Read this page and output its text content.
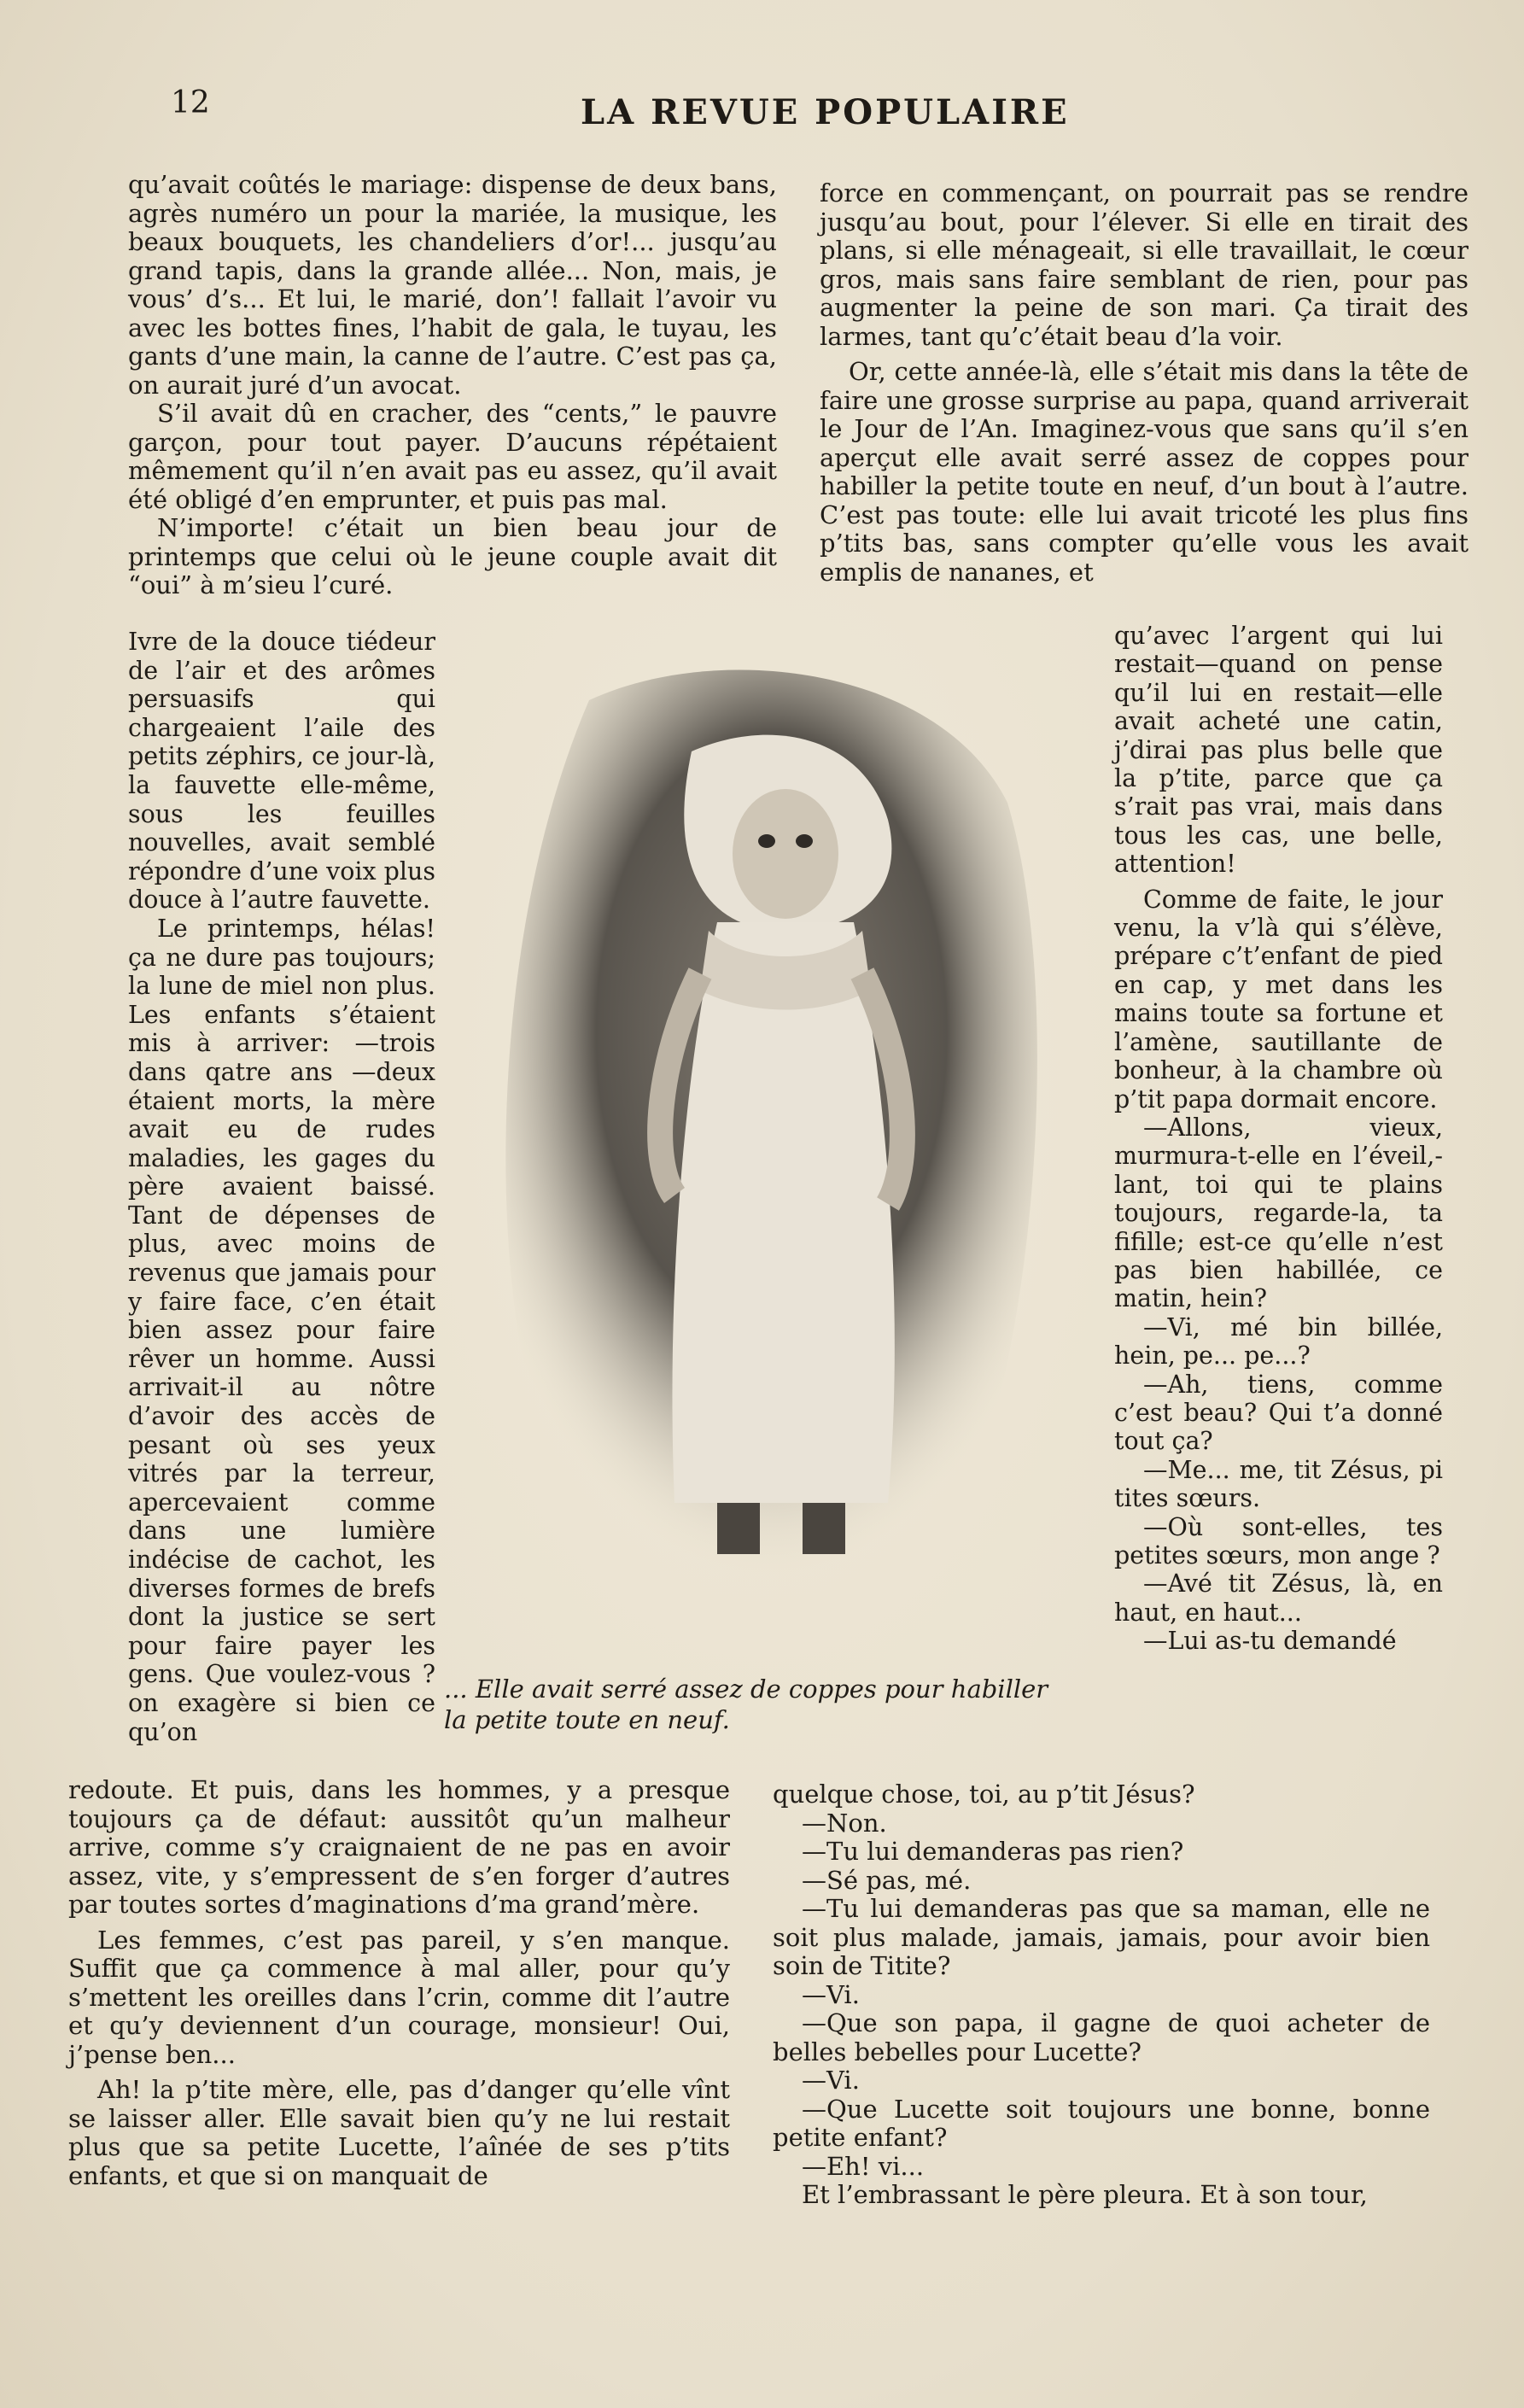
12	LA REVUE POPULAIRE

qu’avait coûtés le mariage: dispense de deux bans, agrès numéro un pour la mariée, la musique, les beaux bouquets, les chandeliers d’or!... jusqu’au grand tapis, dans la grande allée... Non, mais, je vous’ d’s... Et lui, le marié, don’! fallait l’avoir vu avec les bottes fines, l’habit de gala, le tuyau, les gants d’une main, la canne de l’autre. C’est pas ça, on aurait juré d’un avocat.

S’il avait dû en cracher, des “cents,” le pauvre garçon, pour tout payer. D’aucuns répétaient mêmement qu’il n’en avait pas eu assez, qu’il avait été obligé d’en emprunter, et puis pas mal.

N’importe! c’était un bien beau jour de printemps que celui où le jeune couple avait dit “oui” à m’sieu l’curé.

Ivre de la douce tiédeur de l’air et des arômes persuasifs qui chargeaient l’aile des petits zéphirs, ce jour-là, la fauvette elle-même, sous les feuilles nouvelles, avait semblé répondre d’une voix plus douce à l’autre fauvette.

Le printemps, hélas! ça ne dure pas toujours; la lune de miel non plus. Les enfants s’étaient mis à arriver: —trois dans qatre ans —deux étaient morts, la mère avait eu de rudes maladies, les gages du père avaient baissé. Tant de dépenses de plus, avec moins de revenus que jamais pour y faire face, c’en était bien assez pour faire rêver un homme. Aussi arrivait-il au nôtre d’avoir des accès de pesant où ses yeux vitrés par la terreur, apercevaient comme dans une lumière indécise de cachot, les diverses formes de brefs dont la justice se sert pour faire payer les gens. Que voulez-vous ? on exagère si bien ce qu’on

redoute. Et puis, dans les hommes, y a presque toujours ça de défaut: aussitôt qu’un malheur arrive, comme s’y craignaient de ne pas en avoir assez, vite, y s’empressent de s’en forger d’autres par toutes sortes d’maginations d’ma grand’mère.

Les femmes, c’est pas pareil, y s’en manque. Suffit que ça commence à mal aller, pour qu’y s’mettent les oreilles dans l’crin, comme dit l’autre et qu’y deviennent d’un courage, monsieur! Oui, j’pense ben...

Ah! la p’tite mère, elle, pas d’danger qu’elle vînt se laisser aller. Elle savait bien qu’y ne lui restait plus que sa petite Lucette, l’aînée de ses p’tits enfants, et que si on manquait de

force en commençant, on pourrait pas se rendre jusqu’au bout, pour l’élever. Si elle en tirait des plans, si elle ménageait, si elle travaillait, le cœur gros, mais sans faire semblant de rien, pour pas augmenter la peine de son mari. Ça tirait des larmes, tant qu’c’était beau d’la voir.

Or, cette année-là, elle s’était mis dans la tête de faire une grosse surprise au papa, quand arriverait le Jour de l’An. Imaginez-vous que sans qu’il s’en aperçut elle avait serré assez de coppes pour habiller la petite toute en neuf, d’un bout à l’autre. C’est pas toute: elle lui avait tricoté les plus fins p’tits bas, sans compter qu’elle vous les avait emplis de nananes, et

qu’avec l’argent qui lui restait—quand on pense qu’il lui en restait—elle avait acheté une catin, j’dirai pas plus belle que la p’tite, parce que ça s’rait pas vrai, mais dans tous les cas, une belle, attention!

Comme de faite, le jour venu, la v’là qui s’élève, prépare c’t’enfant de pied en cap, y met dans les mains toute sa fortune et l’amène, sautillante de bonheur, à la chambre où p’tit papa dormait encore.

—Allons, vieux, murmura-t-elle en l’éveil,-lant, toi qui te plains toujours, regarde-la, ta fifille; est-ce qu’elle n’est pas bien habillée, ce matin, hein?

—Vi, mé bin billée, hein, pe... pe...?

—Ah, tiens, comme c’est beau? Qui t’a donné tout ça?

—Me... me, tit Zésus, pi tites sœurs.

—Où sont-elles, tes petites sœurs, mon ange ?

—Avé tit Zésus, là, en haut, en haut...

—Lui as-tu demandé

quelque chose, toi, au p’tit Jésus?

—Non.

—Tu lui demanderas pas rien?

—Sé pas, mé.

—Tu lui demanderas pas que sa maman, elle ne soit plus malade, jamais, jamais, pour avoir bien soin de Titite?

—Vi.

—Que son papa, il gagne de quoi acheter de belles bebelles pour Lucette?

—Vi.

—Que Lucette soit toujours une bonne, bonne petite enfant?

—Eh! vi...

Et l’embrassant le père pleura. Et à son tour,

... Elle avait serré assez de coppes pour habiller
la petite toute en neuf.
